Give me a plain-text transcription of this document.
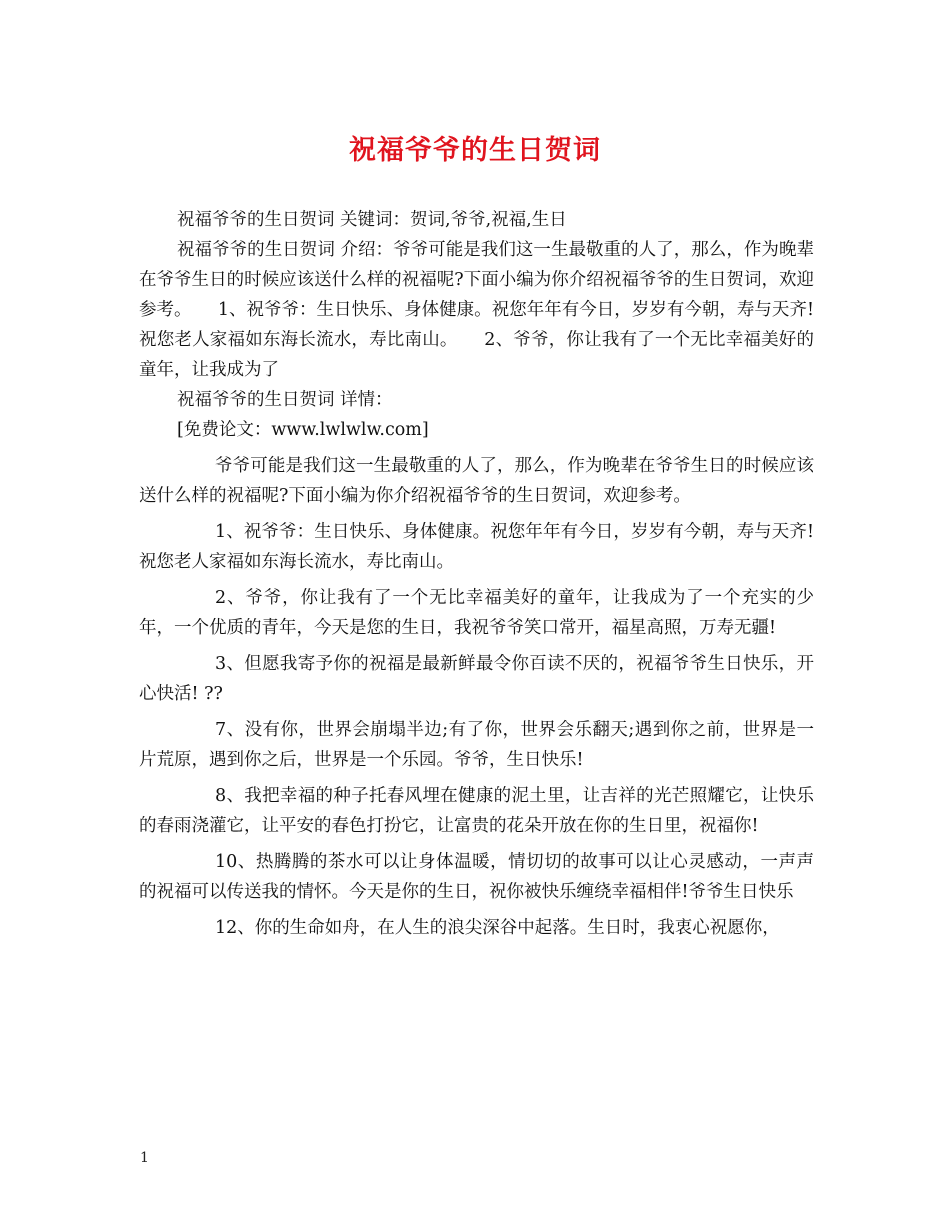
祝福爷爷的生日贺词

祝福爷爷的生日贺词 关键词：贺词,爷爷,祝福,生日

祝福爷爷的生日贺词 介绍：爷爷可能是我们这一生最敬重的人了，那么，作为晚辈在爷爷生日的时候应该送什么样的祝福呢?下面小编为你介绍祝福爷爷的生日贺词，欢迎参考。　　1、祝爷爷：生日快乐、身体健康。祝您年年有今日，岁岁有今朝，寿与天齐!祝您老人家福如东海长流水，寿比南山。　　2、爷爷，你让我有了一个无比幸福美好的童年，让我成为了

祝福爷爷的生日贺词 详情：

[免费论文：www.lwlwlw.com]

爷爷可能是我们这一生最敬重的人了，那么，作为晚辈在爷爷生日的时候应该送什么样的祝福呢?下面小编为你介绍祝福爷爷的生日贺词，欢迎参考。

1、祝爷爷：生日快乐、身体健康。祝您年年有今日，岁岁有今朝，寿与天齐!祝您老人家福如东海长流水，寿比南山。

2、爷爷，你让我有了一个无比幸福美好的童年，让我成为了一个充实的少年，一个优质的青年，今天是您的生日，我祝爷爷笑口常开，福星高照，万寿无疆!

3、但愿我寄予你的祝福是最新鲜最令你百读不厌的，祝福爷爷生日快乐，开心快活! ??

7、没有你，世界会崩塌半边;有了你，世界会乐翻天;遇到你之前，世界是一片荒原，遇到你之后，世界是一个乐园。爷爷，生日快乐!

8、我把幸福的种子托春风埋在健康的泥土里，让吉祥的光芒照耀它，让快乐的春雨浇灌它，让平安的春色打扮它，让富贵的花朵开放在你的生日里，祝福你!

10、热腾腾的茶水可以让身体温暖，情切切的故事可以让心灵感动，一声声的祝福可以传送我的情怀。今天是你的生日，祝你被快乐缠绕幸福相伴!爷爷生日快乐

12、你的生命如舟，在人生的浪尖深谷中起落。生日时，我衷心祝愿你，

1
